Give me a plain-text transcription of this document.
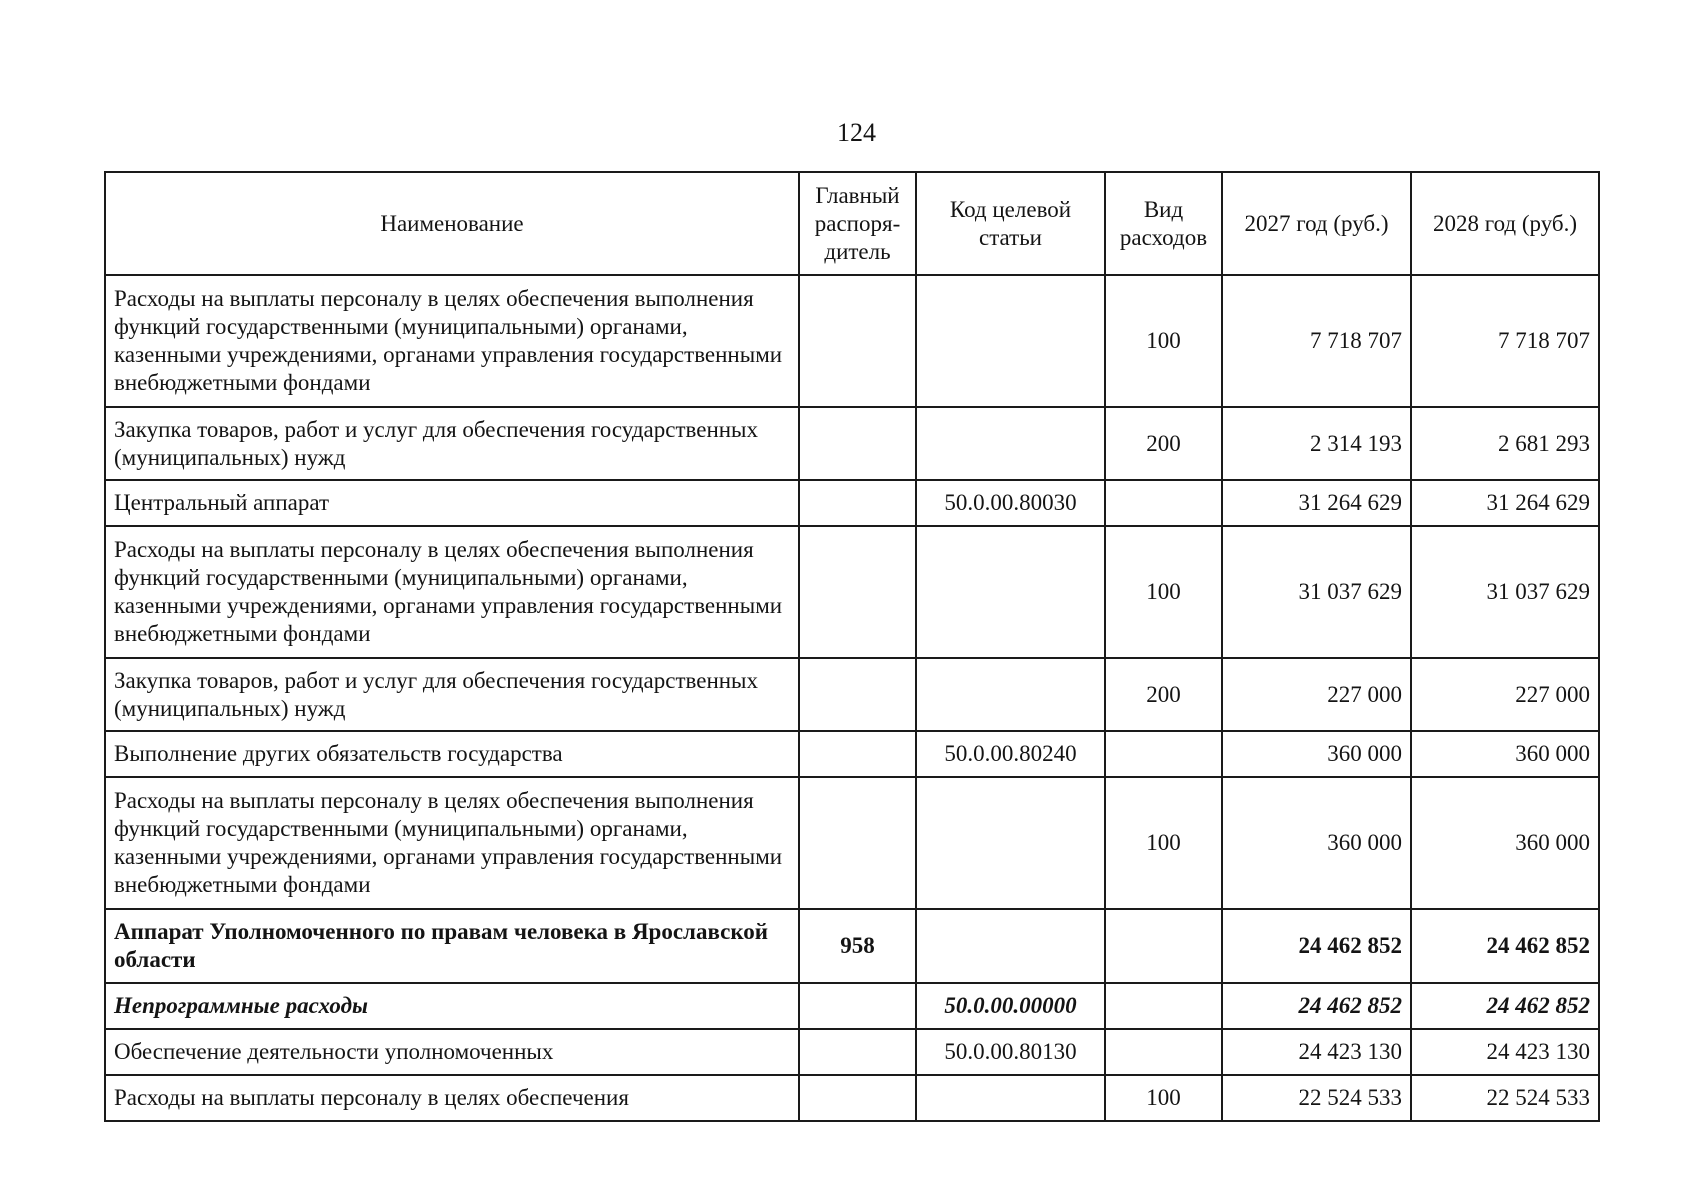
124
Наименование	Главный распоря-дитель	Код целевой статьи	Вид расходов	2027 год (руб.)	2028 год (руб.)
Расходы на выплаты персоналу в целях обеспечения выполнения функций государственными (муниципальными) органами, казенными учреждениями, органами управления государственными внебюджетными фондами			100	7 718 707	7 718 707
Закупка товаров, работ и услуг для обеспечения государственных (муниципальных) нужд			200	2 314 193	2 681 293
Центральный аппарат		50.0.00.80030		31 264 629	31 264 629
Расходы на выплаты персоналу в целях обеспечения выполнения функций государственными (муниципальными) органами, казенными учреждениями, органами управления государственными внебюджетными фондами			100	31 037 629	31 037 629
Закупка товаров, работ и услуг для обеспечения государственных (муниципальных) нужд			200	227 000	227 000
Выполнение других обязательств государства		50.0.00.80240		360 000	360 000
Расходы на выплаты персоналу в целях обеспечения выполнения функций государственными (муниципальными) органами, казенными учреждениями, органами управления государственными внебюджетными фондами			100	360 000	360 000
Аппарат Уполномоченного по правам человека в Ярославской области	958			24 462 852	24 462 852
Непрограммные расходы		50.0.00.00000		24 462 852	24 462 852
Обеспечение деятельности уполномоченных		50.0.00.80130		24 423 130	24 423 130
Расходы на выплаты персоналу в целях обеспечения			100	22 524 533	22 524 533
